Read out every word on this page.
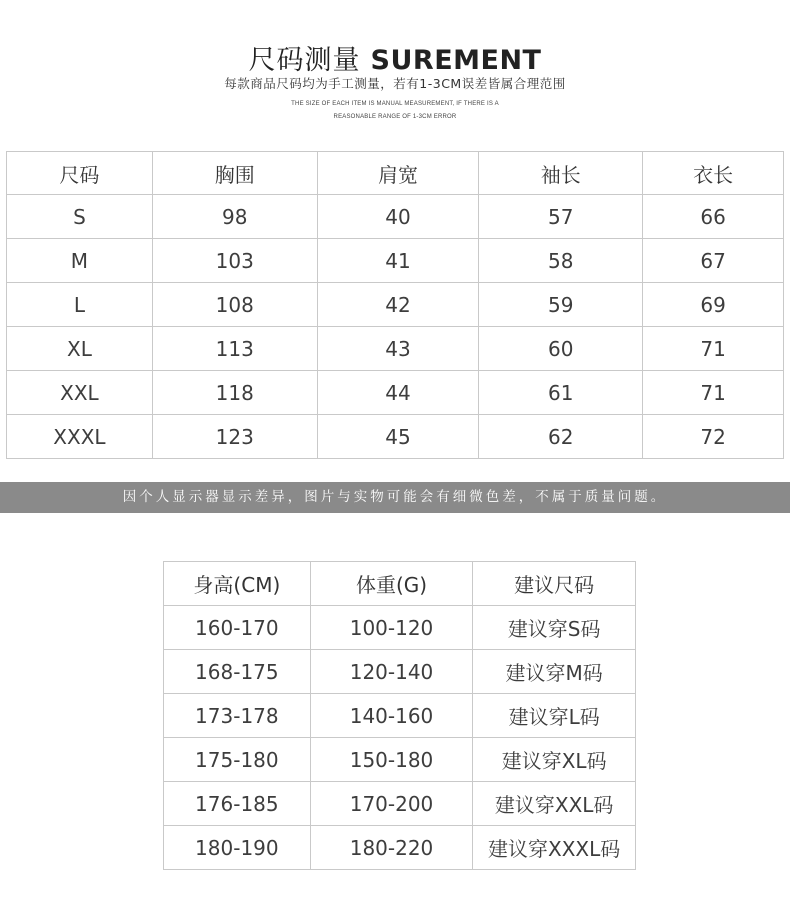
尺码测量 SUREMENT
每款商品尺码均为手工测量，若有1-3CM误差皆属合理范围
THE SIZE OF EACH ITEM IS MANUAL MEASUREMENT, IF THERE IS A
REASONABLE RANGE OF 1-3CM ERROR
尺码	胸围	肩宽	袖长	衣长
S	98	40	57	66
M	103	41	58	67
L	108	42	59	69
XL	113	43	60	71
XXL	118	44	61	71
XXXL	123	45	62	72
因个人显示器显示差异，图片与实物可能会有细微色差，不属于质量问题。
身高(CM)	体重(G)	建议尺码
160-170	100-120	建议穿S码
168-175	120-140	建议穿M码
173-178	140-160	建议穿L码
175-180	150-180	建议穿XL码
176-185	170-200	建议穿XXL码
180-190	180-220	建议穿XXXL码
